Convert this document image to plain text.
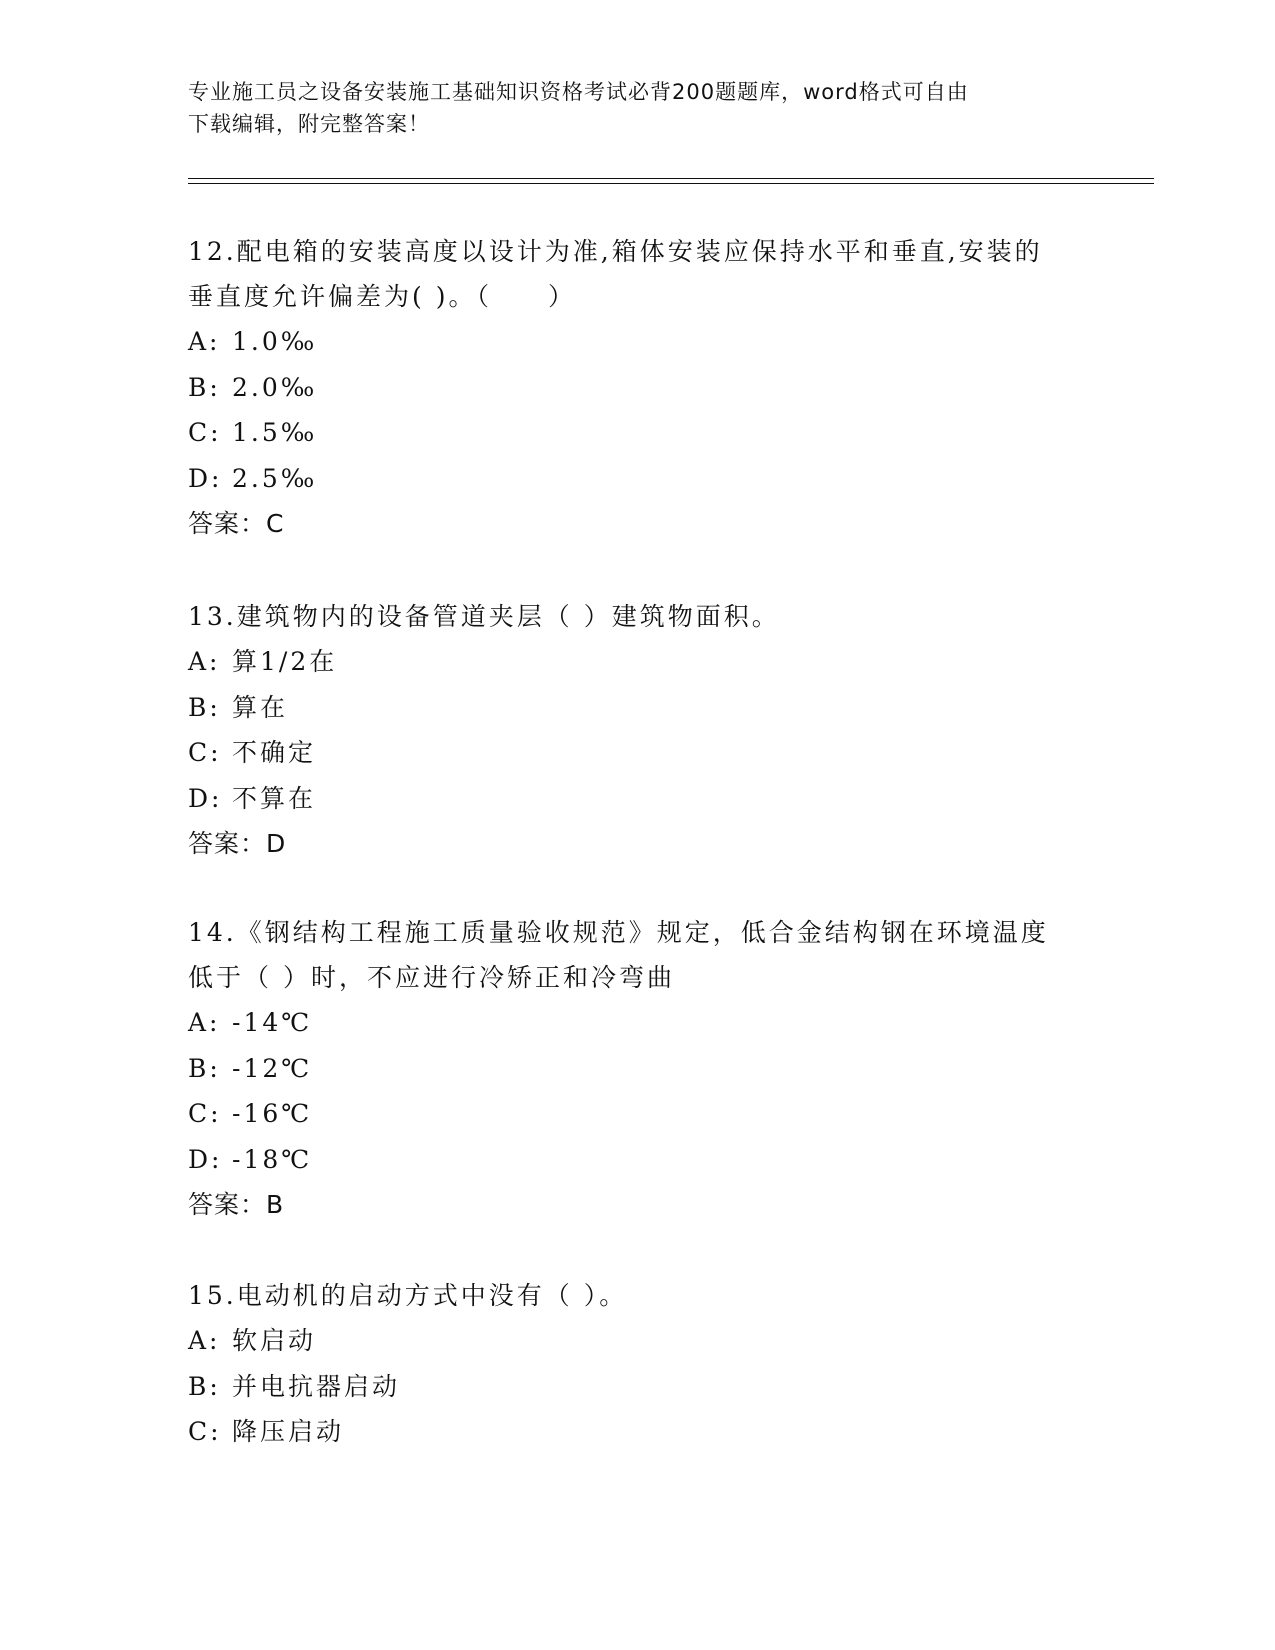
专业施工员之设备安装施工基础知识资格考试必背200题题库，word格式可自由
下载编辑，附完整答案！
12.配电箱的安装高度以设计为准,箱体安装应保持水平和垂直,安装的
垂直度允许偏差为( )。（　　）
A: 1.0‰
B: 2.0‰
C: 1.5‰
D: 2.5‰
答案：C
13.建筑物内的设备管道夹层（ ）建筑物面积。
A: 算1/2在
B: 算在
C: 不确定
D: 不算在
答案：D
14.《钢结构工程施工质量验收规范》规定，低合金结构钢在环境温度
低于（ ）时，不应进行冷矫正和冷弯曲
A: -14℃
B: -12℃
C: -16℃
D: -18℃
答案：B
15.电动机的启动方式中没有（ ）。
A: 软启动
B: 并电抗器启动
C: 降压启动
